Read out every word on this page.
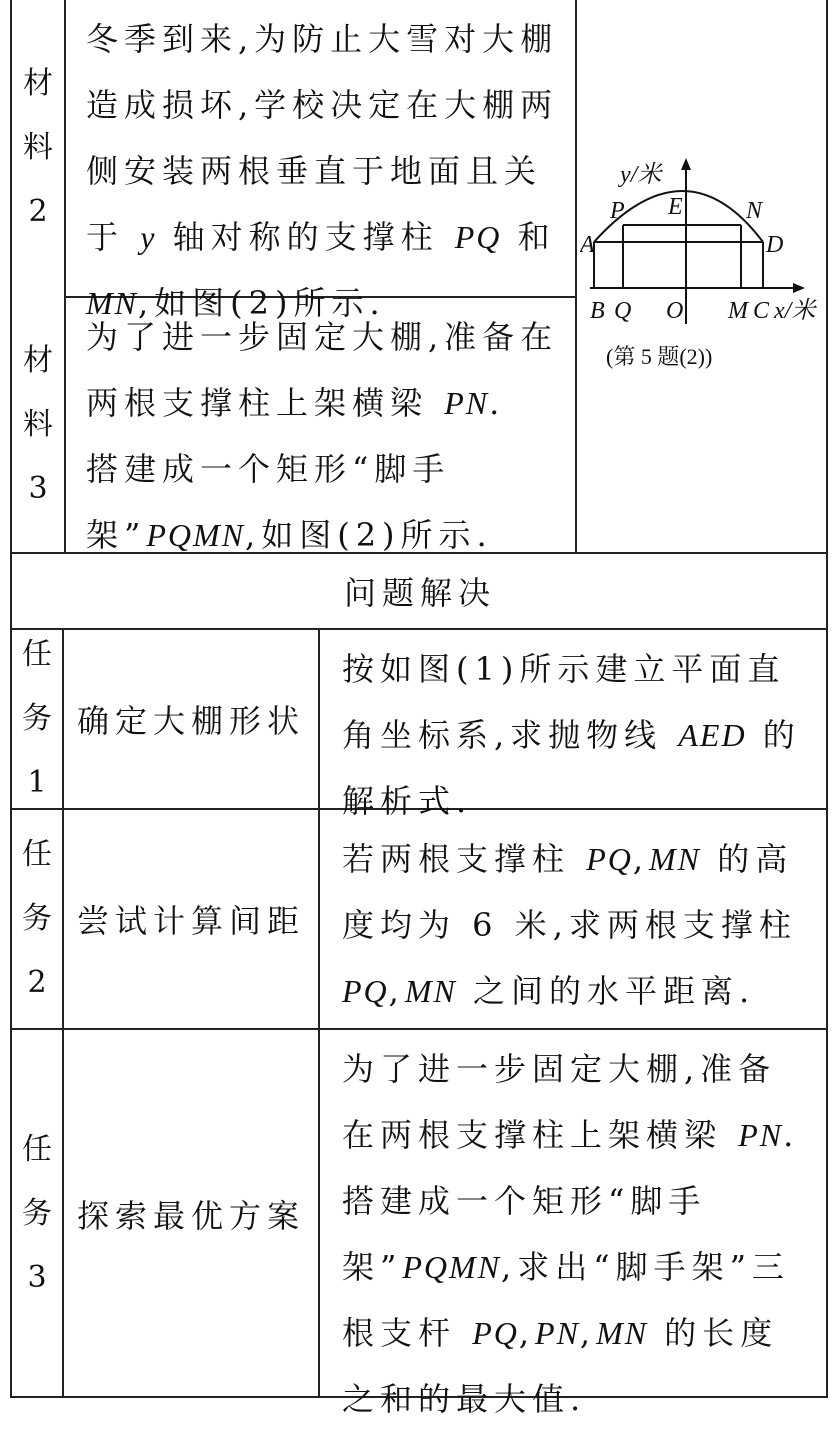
材
料
2
冬季到来,为防止大雪对大棚造成损坏,学校决定在大棚两侧安装两根垂直于地面且关于 y 轴对称的支撑柱 PQ 和 MN,如图(2)所示.
材
料
3
为了进一步固定大棚,准备在两根支撑柱上架横梁 PN. 搭建成一个矩形“脚手架”PQMN,如图(2)所示.
y/米
E
P	N
A	D
B Q O M C x/米
(第 5 题(2))
问题解决
任
务
1
确定大棚形状
按如图(1)所示建立平面直角坐标系,求抛物线 AED 的解析式.
任
务
2
尝试计算间距
若两根支撑柱 PQ,MN 的高度均为 6 米,求两根支撑柱 PQ,MN 之间的水平距离.
任
务
3
探索最优方案
为了进一步固定大棚,准备在两根支撑柱上架横梁 PN. 搭建成一个矩形“脚手架”PQMN,求出“脚手架”三根支杆 PQ,PN,MN 的长度之和的最大值.
